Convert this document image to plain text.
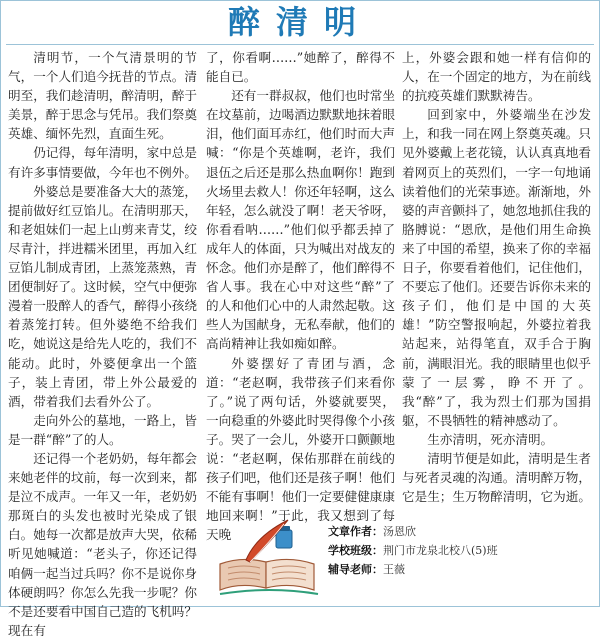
醉清明

清明节，一个气清景明的节气，一个人们追今抚昔的节点。清明至，我们趁清明，醉清明，醉于美景，醉于思念与凭吊。我们祭奠英雄、缅怀先烈，直面生死。

仍记得，每年清明，家中总是有许多事情要做，今年也不例外。

外婆总是要准备大大的蒸笼，提前做好红豆馅儿。在清明那天，和老姐妹们一起上山剪来青艾，绞尽青汁，拌进糯米团里，再加入红豆馅儿制成青团，上蒸笼蒸熟，青团便制好了。这时候，空气中便弥漫着一股醉人的香气，醉得小孩绕着蒸笼打转。但外婆绝不给我们吃，她说这是给先人吃的，我们不能动。此时，外婆便拿出一个篮子，装上青团，带上外公最爱的酒，带着我们去看外公了。

走向外公的墓地，一路上，皆是一群“醉”了的人。

还记得一个老奶奶，每年都会来她老伴的坟前，每一次到来，都是泣不成声。一年又一年，老奶奶那斑白的头发也被时光染成了银白。她每一次都是放声大哭，依稀听见她喊道：“老头子，你还记得咱俩一起当过兵吗？你不是说你身体硬朗吗？你怎么先我一步呢？你不是还要看中国自己造的飞机吗？现在有

了，你看啊……”她醉了，醉得不能自已。

还有一群叔叔，他们也时常坐在坟墓前，边喝酒边默默地抹着眼泪，他们面耳赤红，他们时而大声喊：“你是个英雄啊，老许，我们退伍之后还是那么热血啊你！跑到火场里去救人！你还年轻啊，这么年轻，怎么就没了啊！老天爷呀，你看看呐……”他们似乎都丢掉了成年人的体面，只为喊出对战友的怀念。他们亦是醉了，他们醉得不省人事。我在心中对这些“醉”了的人和他们心中的人肃然起敬。这些人为国献身，无私奉献，他们的高尚精神让我如痴如醉。

外婆摆好了青团与酒，念道：“老赵啊，我带孩子们来看你了。”说了两句话，外婆就要哭，一向稳重的外婆此时哭得像个小孩子。哭了一会儿，外婆开口颤颤地说：“老赵啊，保佑那群在前线的孩子们吧，他们还是孩子啊！他们不能有事啊！他们一定要健健康康地回来啊！”于此，我又想到了每天晚

上，外婆会跟和她一样有信仰的人，在一个固定的地方，为在前线的抗疫英雄们默默祷告。

回到家中，外婆端坐在沙发上，和我一同在网上祭奠英魂。只见外婆戴上老花镜，认认真真地看着网页上的英烈们，一字一句地诵读着他们的光荣事迹。渐渐地，外婆的声音颤抖了，她忽地抓住我的胳膊说：“恩欣，是他们用生命换来了中国的希望，换来了你的幸福日子，你要看着他们，记住他们，不要忘了他们。还要告诉你未来的孩子们，他们是中国的大英雄！”防空警报响起，外婆拉着我站起来，站得笔直，双手合于胸前，满眼泪光。我的眼睛里也似乎蒙了一层雾，睁不开了。我“醉”了，我为烈士们那为国捐躯，不畏牺牲的精神感动了。

生亦清明，死亦清明。

清明节便是如此，清明是生者与死者灵魂的沟通。清明醉万物，它是生；生万物醉清明，它为逝。

文章作者：汤恩欣
学校班级：荆门市龙泉北校八(5)班
辅导老师：王薇
